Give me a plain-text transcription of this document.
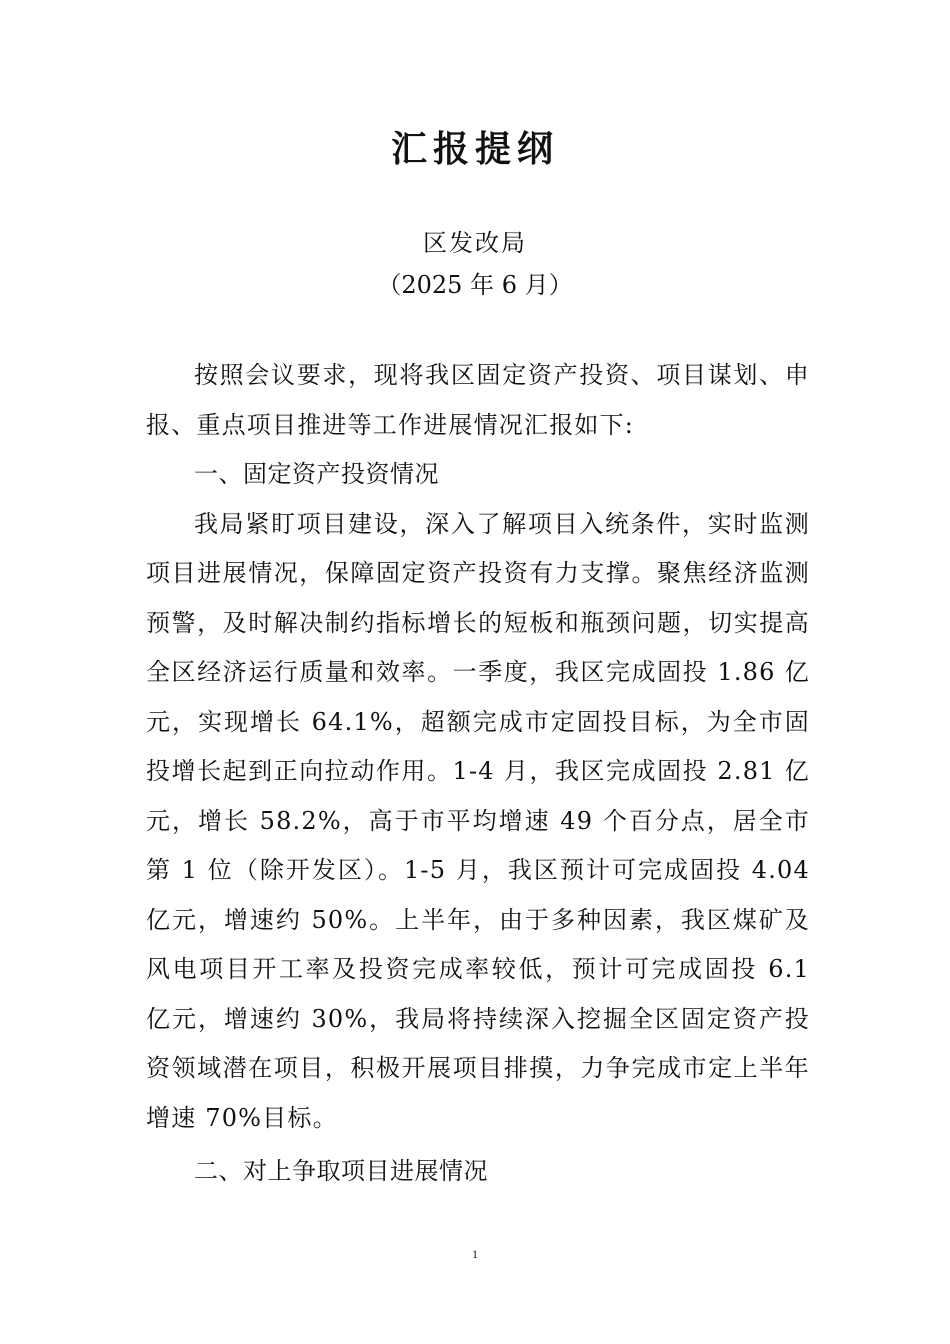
汇报提纲
区发改局
（2025 年 6 月）

按照会议要求，现将我区固定资产投资、项目谋划、申报、重点项目推进等工作进展情况汇报如下:

一、固定资产投资情况

我局紧盯项目建设，深入了解项目入统条件，实时监测项目进展情况，保障固定资产投资有力支撑。聚焦经济监测预警，及时解决制约指标增长的短板和瓶颈问题，切实提高全区经济运行质量和效率。一季度，我区完成固投 1.86 亿元，实现增长 64.1%，超额完成市定固投目标，为全市固投增长起到正向拉动作用。1-4 月，我区完成固投 2.81 亿元，增长 58.2%，高于市平均增速 49 个百分点，居全市第 1 位（除开发区）。1-5 月，我区预计可完成固投 4.04 亿元，增速约 50%。上半年，由于多种因素，我区煤矿及风电项目开工率及投资完成率较低，预计可完成固投 6.1 亿元，增速约 30%，我局将持续深入挖掘全区固定资产投资领域潜在项目，积极开展项目排摸，力争完成市定上半年增速 70%目标。

二、对上争取项目进展情况

1
